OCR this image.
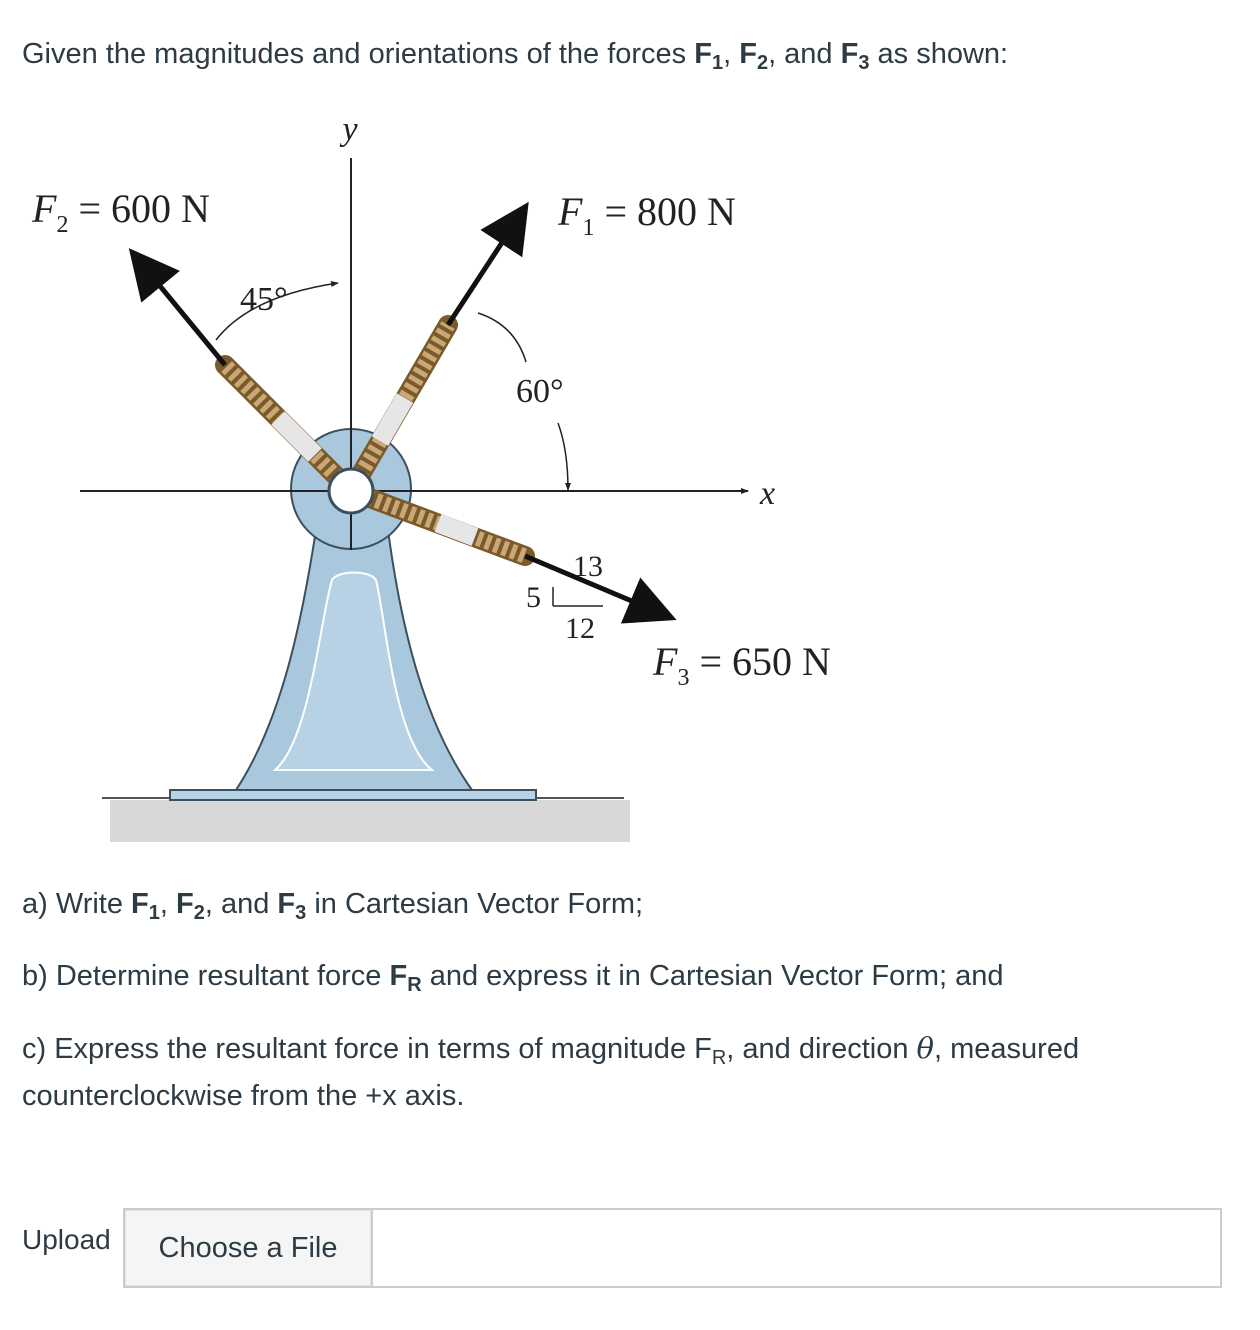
Given the magnitudes and orientations of the forces $F_1$, $F_2$, and $F_3$ as shown:
y
x
$F_2 = 600$ N	$F_1 = 800$ N
$F_3 = 650$ N
45°
60°
13
5
12
a) Write $F_1$, $F_2$, and $F_3$ in Cartesian Vector Form;
b) Determine resultant force $F_R$ and express it in Cartesian Vector Form; and
c) Express the resultant force in terms of magnitude $F_R$, and direction θ, measured
counterclockwise from the +x axis.
Upload	Choose a File
